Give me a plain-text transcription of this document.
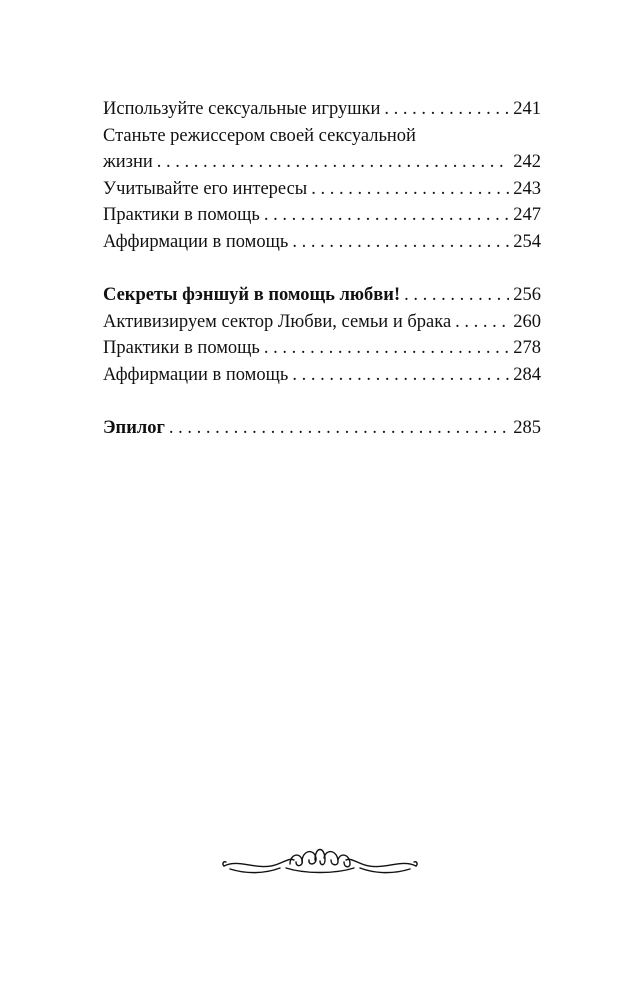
Используйте сексуальные игрушки . . .	241
Станьте режиссером своей сексуальной
жизни . . .	242
Учитывайте его интересы . . .	243
Практики в помощь . . .	247
Аффирмации в помощь . . .	254
Секреты фэншуй в помощь любви! . . .	256
Активизируем сектор Любви, семьи и брака . . .	260
Практики в помощь . . .	278
Аффирмации в помощь . . .	284
Эпилог . . .	285
